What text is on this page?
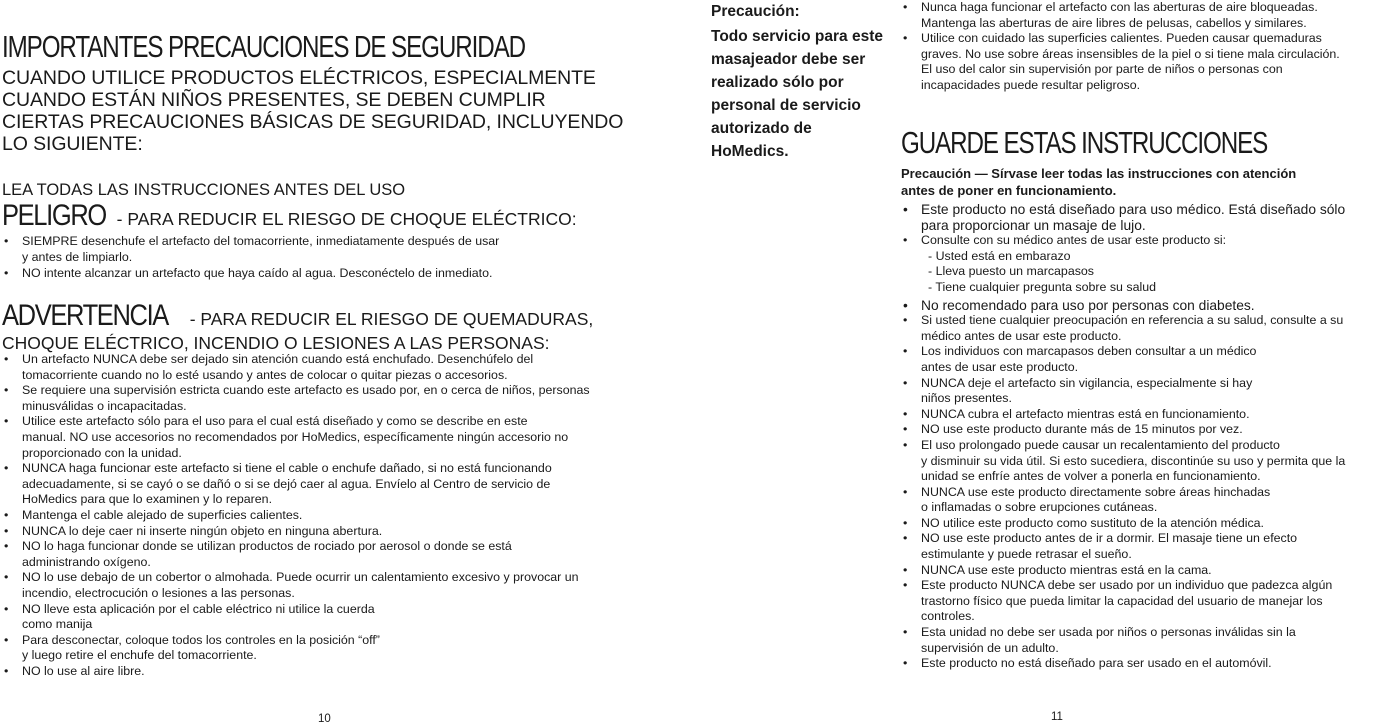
IMPORTANTES PRECAUCIONES DE SEGURIDAD
CUANDO UTILICE PRODUCTOS ELÉCTRICOS, ESPECIALMENTE
CUANDO ESTÁN NIÑOS PRESENTES, SE DEBEN CUMPLIR
CIERTAS PRECAUCIONES BÁSICAS DE SEGURIDAD, INCLUYENDO
LO SIGUIENTE:
LEA TODAS LAS INSTRUCCIONES ANTES DEL USO
PELIGRO - PARA REDUCIR EL RIESGO DE CHOQUE ELÉCTRICO:
• SIEMPRE desenchufe el artefacto del tomacorriente, inmediatamente después de usar
y antes de limpiarlo.
• NO intente alcanzar un artefacto que haya caído al agua. Desconéctelo de inmediato.
ADVERTENCIA - PARA REDUCIR EL RIESGO DE QUEMADURAS,
CHOQUE ELÉCTRICO, INCENDIO O LESIONES A LAS PERSONAS:
• Un artefacto NUNCA debe ser dejado sin atención cuando está enchufado. Desenchúfelo del
tomacorriente cuando no lo esté usando y antes de colocar o quitar piezas o accesorios.
• Se requiere una supervisión estricta cuando este artefacto es usado por, en o cerca de niños, personas
minusválidas o incapacitadas.
• Utilice este artefacto sólo para el uso para el cual está diseñado y como se describe en este
manual. NO use accesorios no recomendados por HoMedics, específicamente ningún accesorio no
proporcionado con la unidad.
• NUNCA haga funcionar este artefacto si tiene el cable o enchufe dañado, si no está funcionando
adecuadamente, si se cayó o se dañó o si se dejó caer al agua. Envíelo al Centro de servicio de
HoMedics para que lo examinen y lo reparen.
• Mantenga el cable alejado de superficies calientes.
• NUNCA lo deje caer ni inserte ningún objeto en ninguna abertura.
• NO lo haga funcionar donde se utilizan productos de rociado por aerosol o donde se está
administrando oxígeno.
• NO lo use debajo de un cobertor o almohada. Puede ocurrir un calentamiento excesivo y provocar un
incendio, electrocución o lesiones a las personas.
• NO lleve esta aplicación por el cable eléctrico ni utilice la cuerda
como manija
• Para desconectar, coloque todos los controles en la posición “off”
y luego retire el enchufe del tomacorriente.
• NO lo use al aire libre.
10
Precaución:
Todo servicio para este masajeador debe ser realizado sólo por personal de servicio autorizado de HoMedics.
• Nunca haga funcionar el artefacto con las aberturas de aire bloqueadas.
Mantenga las aberturas de aire libres de pelusas, cabellos y similares.
• Utilice con cuidado las superficies calientes. Pueden causar quemaduras
graves. No use sobre áreas insensibles de la piel o si tiene mala circulación.
El uso del calor sin supervisión por parte de niños o personas con
incapacidades puede resultar peligroso.
GUARDE ESTAS INSTRUCCIONES
Precaución — Sírvase leer todas las instrucciones con atención
antes de poner en funcionamiento.
• Este producto no está diseñado para uso médico. Está diseñado sólo
para proporcionar un masaje de lujo.
• Consulte con su médico antes de usar este producto si:
- Usted está en embarazo
- Lleva puesto un marcapasos
- Tiene cualquier pregunta sobre su salud
• No recomendado para uso por personas con diabetes.
• Si usted tiene cualquier preocupación en referencia a su salud, consulte a su
médico antes de usar este producto.
• Los individuos con marcapasos deben consultar a un médico
antes de usar este producto.
• NUNCA deje el artefacto sin vigilancia, especialmente si hay
niños presentes.
• NUNCA cubra el artefacto mientras está en funcionamiento.
• NO use este producto durante más de 15 minutos por vez.
• El uso prolongado puede causar un recalentamiento del producto
y disminuir su vida útil. Si esto sucediera, discontinúe su uso y permita que la
unidad se enfríe antes de volver a ponerla en funcionamiento.
• NUNCA use este producto directamente sobre áreas hinchadas
o inflamadas o sobre erupciones cutáneas.
• NO utilice este producto como sustituto de la atención médica.
• NO use este producto antes de ir a dormir. El masaje tiene un efecto
estimulante y puede retrasar el sueño.
• NUNCA use este producto mientras está en la cama.
• Este producto NUNCA debe ser usado por un individuo que padezca algún
trastorno físico que pueda limitar la capacidad del usuario de manejar los
controles.
• Esta unidad no debe ser usada por niños o personas inválidas sin la
supervisión de un adulto.
• Este producto no está diseñado para ser usado en el automóvil.
11
